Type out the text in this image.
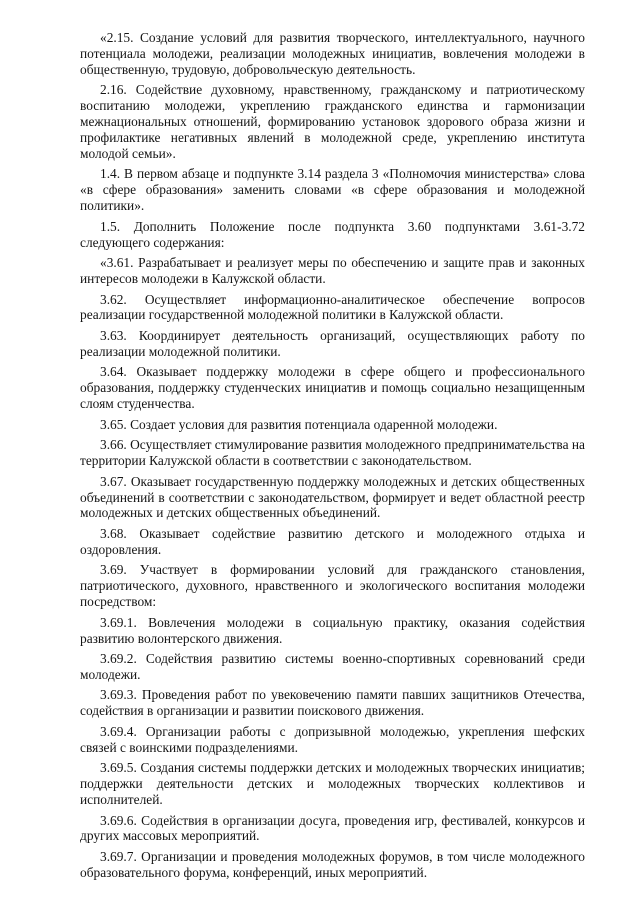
«2.15. Создание условий для развития творческого, интеллектуального, научного потенциала молодежи, реализации молодежных инициатив, вовлечения молодежи в общественную, трудовую, добровольческую деятельность.

2.16. Содействие духовному, нравственному, гражданскому и патриотическому воспитанию молодежи, укреплению гражданского единства и гармонизации межнациональных отношений, формированию установок здорового образа жизни и профилактике негативных явлений в молодежной среде, укреплению института молодой семьи».

1.4. В первом абзаце и подпункте 3.14 раздела 3 «Полномочия министерства» слова «в сфере образования» заменить словами «в сфере образования и молодежной политики».

1.5. Дополнить Положение после подпункта 3.60 подпунктами 3.61-3.72 следующего содержания:

«3.61. Разрабатывает и реализует меры по обеспечению и защите прав и законных интересов молодежи в Калужской области.

3.62. Осуществляет информационно-аналитическое обеспечение вопросов реализации государственной молодежной политики в Калужской области.

3.63. Координирует деятельность организаций, осуществляющих работу по реализации молодежной политики.

3.64. Оказывает поддержку молодежи в сфере общего и профессионального образования, поддержку студенческих инициатив и помощь социально незащищенным слоям студенчества.

3.65. Создает условия для развития потенциала одаренной молодежи.

3.66. Осуществляет стимулирование развития молодежного предпринимательства на территории Калужской области в соответствии с законодательством.

3.67. Оказывает государственную поддержку молодежных и детских общественных объединений в соответствии с законодательством, формирует и ведет областной реестр молодежных и детских общественных объединений.

3.68. Оказывает содействие развитию детского и молодежного отдыха и оздоровления.

3.69. Участвует в формировании условий для гражданского становления, патриотического, духовного, нравственного и экологического воспитания молодежи посредством:

3.69.1. Вовлечения молодежи в социальную практику, оказания содействия развитию волонтерского движения.

3.69.2. Содействия развитию системы военно-спортивных соревнований среди молодежи.

3.69.3. Проведения работ по увековечению памяти павших защитников Отечества, содействия в организации и развитии поискового движения.

3.69.4. Организации работы с допризывной молодежью, укрепления шефских связей с воинскими подразделениями.

3.69.5. Создания системы поддержки детских и молодежных творческих инициатив; поддержки деятельности детских и молодежных творческих коллективов и исполнителей.

3.69.6. Содействия в организации досуга, проведения игр, фестивалей, конкурсов и других массовых мероприятий.

3.69.7. Организации и проведения молодежных форумов, в том числе молодежного образовательного форума, конференций, иных мероприятий.
